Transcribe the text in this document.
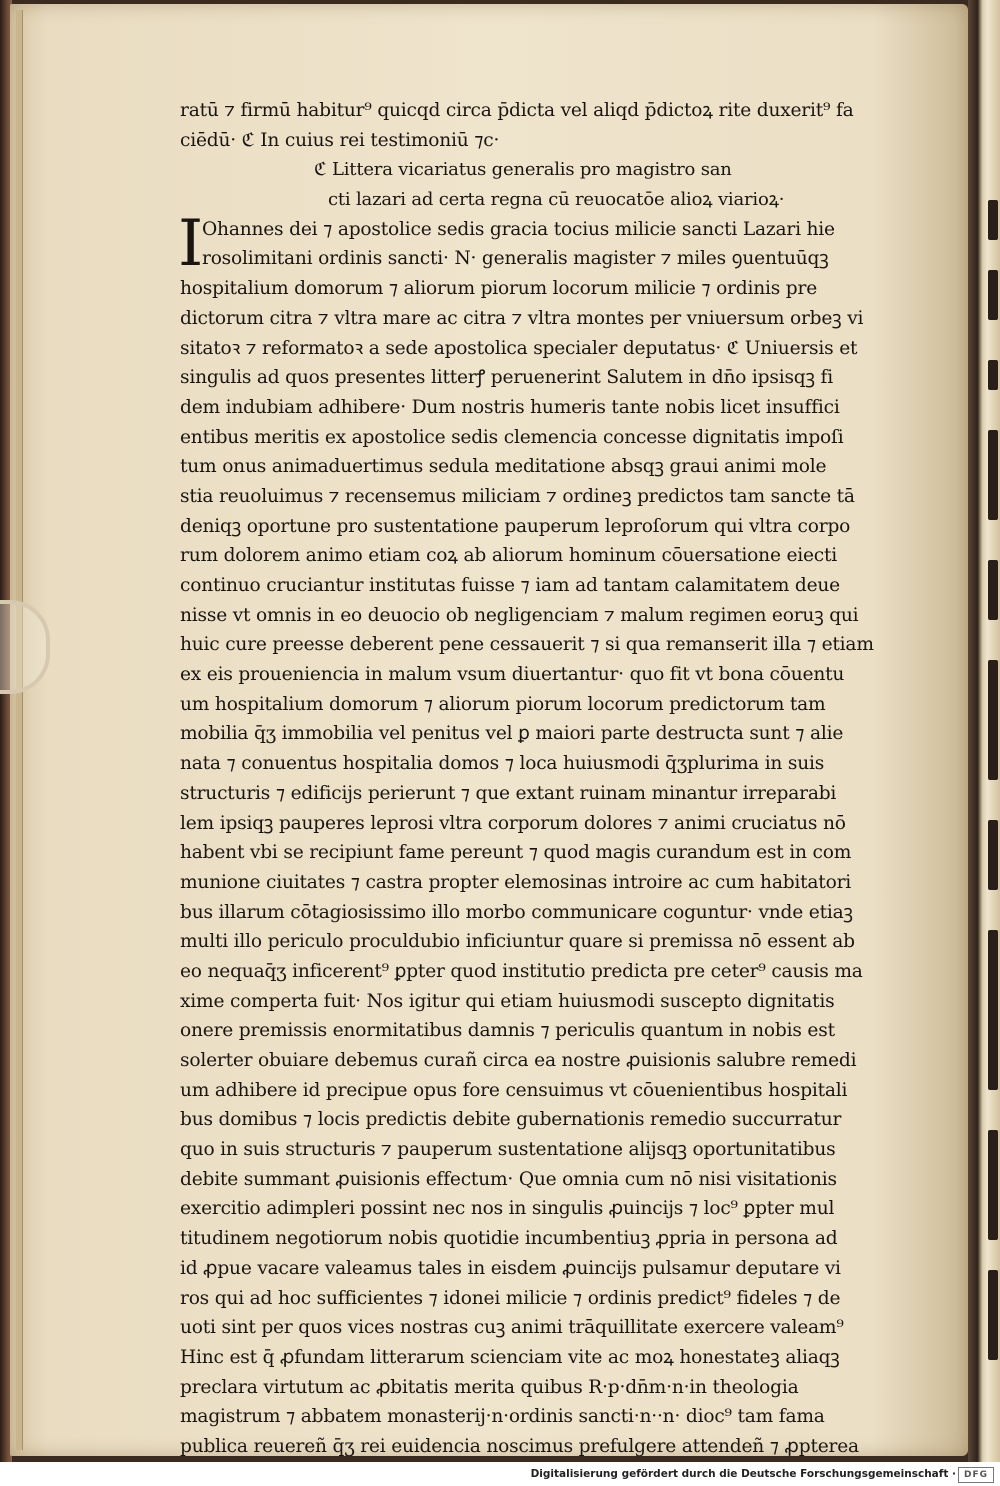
ratū ⁊ firmū habitur⁹ quicqd circa p̄dicta vel aliqd p̄dictoꝝ rite duxerit⁹ fa
ciēdū· ℭ In cuius rei testimoniū ⁊c·
ℭ Littera vicariatus generalis pro magistro san
cti lazari ad certa regna cū reuocatōe alioꝝ viarioꝝ·
Ohannes dei ⁊ apostolice sedis gracia tocius milicie sancti Lazari hie
rosolimitani ordinis sancti· N· generalis magister ⁊ miles ꝯuentuūqꝫ
hospitalium domorum ⁊ aliorum piorum locorum milicie ⁊ ordinis pre
dictorum citra ⁊ vltra mare ac citra ⁊ vltra montes per vniuersum orbeꝫ vi
sitatoꝛ ⁊ reformatoꝛ a sede apostolica specialer deputatus· ℭ Uniuersis et
singulis ad quos presentes litterꝭ peruenerint Salutem in dn̄o ipsisqꝫ fi
dem indubiam adhibere· Dum nostris humeris tante nobis licet insuffici
entibus meritis ex apostolice sedis clemencia concesse dignitatis impoſi
tum onus animaduertimus sedula meditatione absqꝫ graui animi mole
stia reuoluimus ⁊ recensemus miliciam ⁊ ordineꝫ predictos tam sancte tā
deniqꝫ oportune pro sustentatione pauperum leproſorum qui vltra corpo
rum dolorem animo etiam coꝝ ab aliorum hominum cōuersatione eiecti
continuo cruciantur institutas fuisse ⁊ iam ad tantam calamitatem deue
nisse vt omnis in eo deuocio ob negligenciam ⁊ malum regimen eoruꝫ qui
huic cure preesse deberent pene cessauerit ⁊ si qua remanserit illa ⁊ etiam
ex eis proueniencia in malum vsum diuertantur· quo fit vt bona cōuentu
um hospitalium domorum ⁊ aliorum piorum locorum predictorum tam
mobilia q̄ʒ immobilia vel penitus vel ꝑ maiori parte destructa sunt ⁊ alie
nata ⁊ conuentus hospitalia domos ⁊ loca huiusmodi q̄ʒplurima in suis
structuris ⁊ edificijs perierunt ⁊ que extant ruinam minantur irreparabi
lem ipsiqꝫ pauperes leprosi vltra corporum dolores ⁊ animi cruciatus nō
habent vbi se recipiunt fame pereunt ⁊ quod magis curandum est in com
munione ciuitates ⁊ castra propter elemosinas introire ac cum habitatori
bus illarum cōtagiosissimo illo morbo communicare coguntur· vnde etiaꝫ
multi illo periculo proculdubio inficiuntur quare si premissa nō essent ab
eo nequaq̄ʒ inficerent⁹ ꝑpter quod institutio predicta pre ceter⁹ causis ma
xime comperta fuit· Nos igitur qui etiam huiusmodi suscepto dignitatis
onere premissis enormitatibus damnis ⁊ periculis quantum in nobis est
solerter obuiare debemus curañ circa ea nostre ꝓuisionis salubre remedi
um adhibere id precipue opus fore censuimus vt cōuenientibus hospitali
bus domibus ⁊ locis predictis debite gubernationis remedio succurratur
quo in suis structuris ⁊ pauperum sustentatione alijsqꝫ oportunitatibus
debite summant ꝓuisionis effectum· Que omnia cum nō nisi visitationis
exercitio adimpleri possint nec nos in singulis ꝓuincijs ⁊ loc⁹ ꝑpter mul
titudinem negotiorum nobis quotidie incumbentiuꝫ ꝓpria in persona ad
id ꝓpue vacare valeamus tales in eisdem ꝓuincijs pulsamur deputare vi
ros qui ad hoc sufficientes ⁊ idonei milicie ⁊ ordinis predict⁹ fideles ⁊ de
uoti sint per quos vices nostras cuꝫ animi trāquillitate exercere valeam⁹
Hinc est q̄ ꝓfundam litterarum scienciam vite ac moꝝ honestateꝫ aliaqꝫ
preclara virtutum ac ꝓbitatis merita quibus R·p·dn̄m·n·in theologia
magistrum ⁊ abbatem monasterij·n·ordinis sancti·n··n· dioc⁹ tam fama
publica reuereñ q̄ʒ rei euidencia noscimus prefulgere attendeñ ⁊ ꝓpterea
I
Digitalisierung gefördert durch die Deutsche Forschungsgemeinschaft · DFG
